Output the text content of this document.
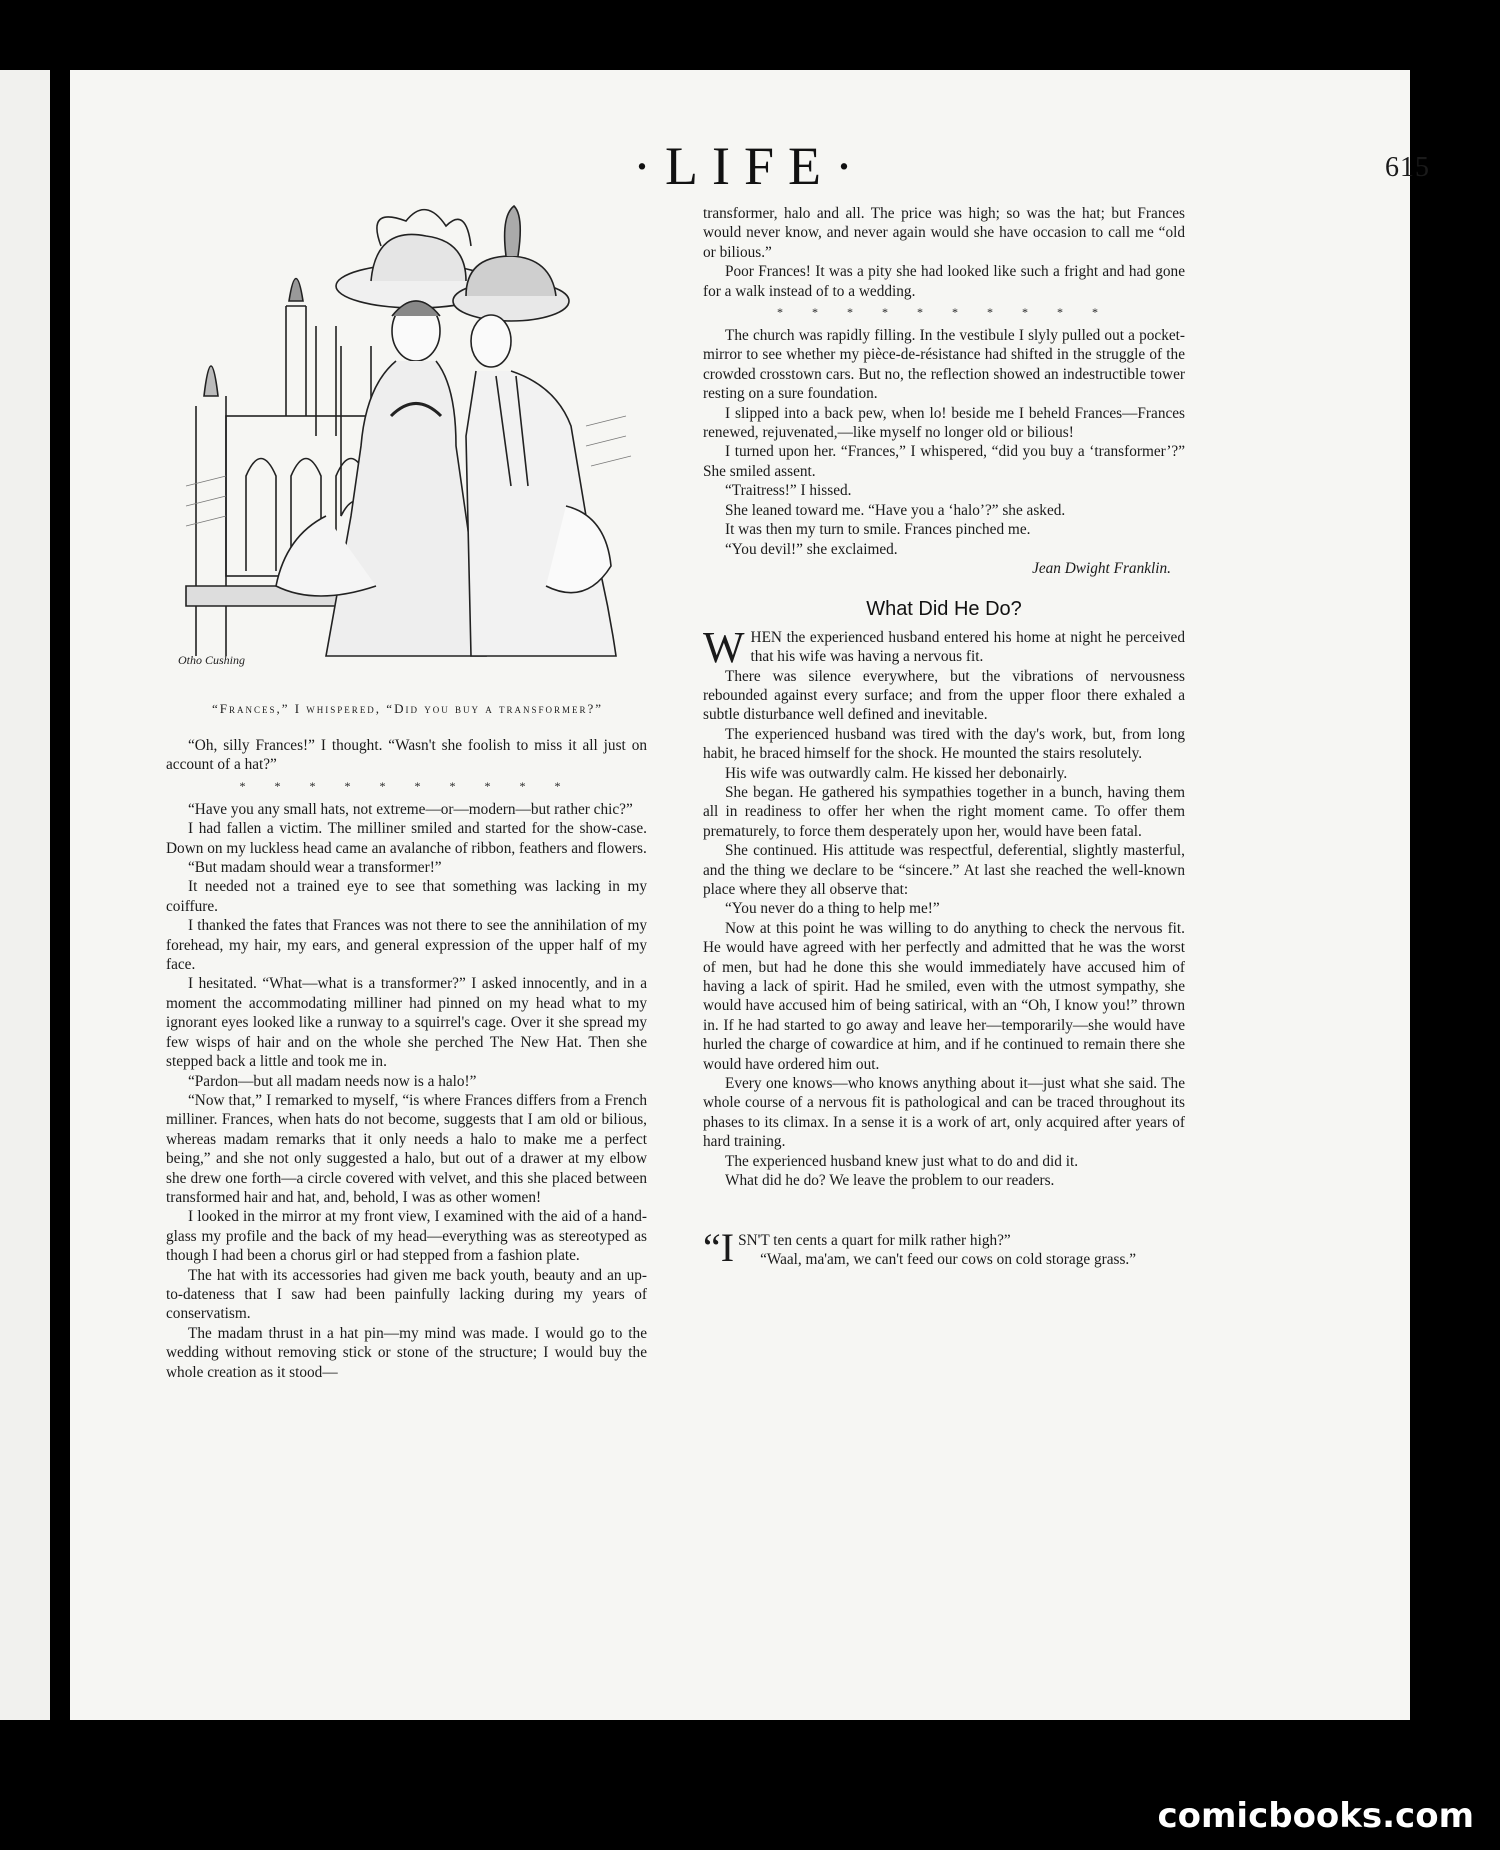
·LIFE·	615
Otho Cushing
“Frances,” I whispered, “Did you buy a transformer?”

“Oh, silly Frances!” I thought. “Wasn't she foolish to miss it all just on account of a hat?”

* * * * * * * * * *

“Have you any small hats, not extreme—or—modern—but rather chic?”

I had fallen a victim. The milliner smiled and started for the show-case. Down on my luckless head came an avalanche of ribbon, feathers and flowers.

“But madam should wear a transformer!”

It needed not a trained eye to see that something was lacking in my coiffure.

I thanked the fates that Frances was not there to see the annihilation of my forehead, my hair, my ears, and general expression of the upper half of my face.

I hesitated. “What—what is a transformer?” I asked innocently, and in a moment the accommodating milliner had pinned on my head what to my ignorant eyes looked like a runway to a squirrel's cage. Over it she spread my few wisps of hair and on the whole she perched The New Hat. Then she stepped back a little and took me in.

“Pardon—but all madam needs now is a halo!”

“Now that,” I remarked to myself, “is where Frances differs from a French milliner. Frances, when hats do not become, suggests that I am old or bilious, whereas madam remarks that it only needs a halo to make me a perfect being,” and she not only suggested a halo, but out of a drawer at my elbow she drew one forth—a circle covered with velvet, and this she placed between transformed hair and hat, and, behold, I was as other women!

I looked in the mirror at my front view, I examined with the aid of a hand-glass my profile and the back of my head—everything was as stereotyped as though I had been a chorus girl or had stepped from a fashion plate.

The hat with its accessories had given me back youth, beauty and an up-to-dateness that I saw had been painfully lacking during my years of conservatism.

The madam thrust in a hat pin—my mind was made. I would go to the wedding without removing stick or stone of the structure; I would buy the whole creation as it stood—

transformer, halo and all. The price was high; so was the hat; but Frances would never know, and never again would she have occasion to call me “old or bilious.”

Poor Frances! It was a pity she had looked like such a fright and had gone for a walk instead of to a wedding.

* * * * * * * * * *

The church was rapidly filling. In the vestibule I slyly pulled out a pocket-mirror to see whether my pièce-de-résistance had shifted in the struggle of the crowded crosstown cars. But no, the reflection showed an indestructible tower resting on a sure foundation.

I slipped into a back pew, when lo! beside me I beheld Frances—Frances renewed, rejuvenated,—like myself no longer old or bilious!

I turned upon her. “Frances,” I whispered, “did you buy a ‘transformer’?” She smiled assent.

“Traitress!” I hissed.

She leaned toward me. “Have you a ‘halo’?” she asked.

It was then my turn to smile. Frances pinched me.

“You devil!” she exclaimed.

Jean Dwight Franklin.

What Did He Do?

WHEN the experienced husband entered his home at night he perceived that his wife was having a nervous fit.

There was silence everywhere, but the vibrations of nervousness rebounded against every surface; and from the upper floor there exhaled a subtle disturbance well defined and inevitable.

The experienced husband was tired with the day's work, but, from long habit, he braced himself for the shock. He mounted the stairs resolutely.

His wife was outwardly calm. He kissed her debonairly.

She began. He gathered his sympathies together in a bunch, having them all in readiness to offer her when the right moment came. To offer them prematurely, to force them desperately upon her, would have been fatal.

She continued. His attitude was respectful, deferential, slightly masterful, and the thing we declare to be “sincere.” At last she reached the well-known place where they all observe that:

“You never do a thing to help me!”

Now at this point he was willing to do anything to check the nervous fit. He would have agreed with her perfectly and admitted that he was the worst of men, but had he done this she would immediately have accused him of having a lack of spirit. Had he smiled, even with the utmost sympathy, she would have accused him of being satirical, with an “Oh, I know you!” thrown in. If he had started to go away and leave her—temporarily—she would have hurled the charge of cowardice at him, and if he continued to remain there she would have ordered him out.

Every one knows—who knows anything about it—just what she said. The whole course of a nervous fit is pathological and can be traced throughout its phases to its climax. In a sense it is a work of art, only acquired after years of hard training.

The experienced husband knew just what to do and did it.

What did he do? We leave the problem to our readers.

“ISN'T ten cents a quart for milk rather high?”

“Waal, ma'am, we can't feed our cows on cold storage grass.”

comicbooks.com
